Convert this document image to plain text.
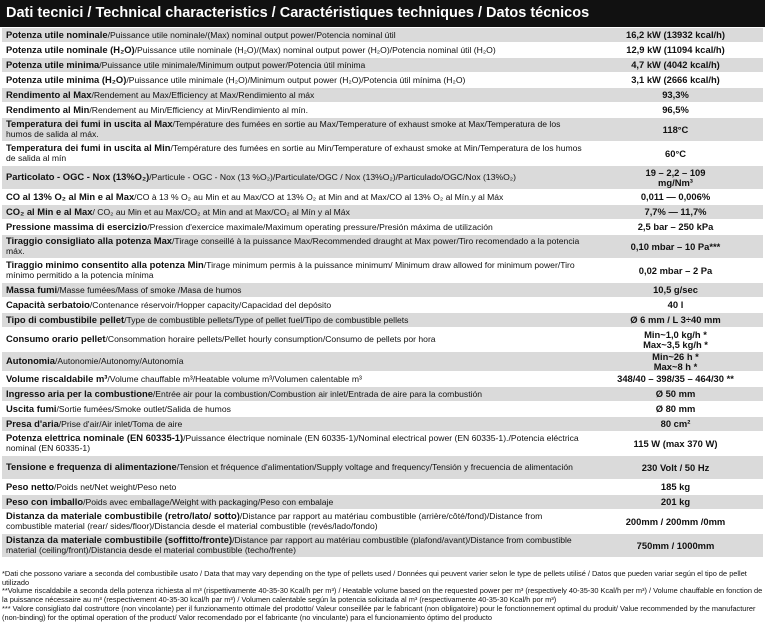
Dati tecnici / Technical characteristics / Caractéristiques techniques / Datos técnicos
Potenza utile nominale/Puissance utile nominale/(Max) nominal output power/Potencia nominal útil	16,2 kW (13932 kcal/h)
Potenza utile nominale (H₂O)/Puissance utile nominale (H₂O)/(Max) nominal output power (H₂O)/Potencia nominal útil (H₂O)	12,9 kW (11094 kcal/h)
Potenza utile minima/Puissance utile minimale/Minimum output power/Potencia útil mínima	4,7 kW (4042 kcal/h)
Potenza utile minima (H₂O)/Puissance utile minimale (H₂O)/Minimum output power (H₂O)/Potencia útil mínima (H₂O)	3,1 kW (2666 kcal/h)
Rendimento al Max/Rendement au Max/Efficiency at Max/Rendimiento al máx	93,3%
Rendimento al Min/Rendement au Min/Efficiency at Min/Rendimiento al mín.	96,5%
Temperatura dei fumi in uscita al Max/Température des fumées en sortie au Max/Temperature of exhaust smoke at Max/Temperatura de los humos de salida al máx.	118°C
Temperatura dei fumi in uscita al Min/Température des fumées en sortie au Min/Temperature of exhaust smoke at Min/Temperatura de los humos de salida al mín	60°C
Particolato - OGC - Nox (13%O₂)/Particule - OGC - Nox (13 %O₂)/Particulate/OGC / Nox (13%O₂)/Particulado/OGC/Nox (13%O₂)	19 – 2,2 – 109
mg/Nm³
CO al 13% O₂ al Min e al Max/CO à 13 % O₂ au Min et au Max/CO at 13% O₂ at Min and at Max/CO al 13% O₂ al Mín.y al Máx	0,011 — 0,006%
CO₂ al Min e al Max/ CO₂ au Min et au Max/CO₂ at Min and at Max/CO₂ al Mín y al Máx	7,7% — 11,7%
Pressione massima di esercizio/Pression d'exercice maximale/Maximum operating pressure/Presión máxima de utilización	2,5 bar – 250 kPa
Tiraggio consigliato alla potenza Max/Tirage conseillé à la puissance Max/Recommended draught at Max power/Tiro recomendado a la potencia máx.	0,10 mbar – 10 Pa***
Tiraggio minimo consentito alla potenza Min/Tirage minimum permis à la puissance minimum/ Minimum draw allowed for minimum power/Tiro mínimo permitido a la potencia mínima	0,02 mbar – 2 Pa
Massa fumi/Masse fumées/Mass of smoke /Masa de humos	10,5 g/sec
Capacità serbatoio/Contenance réservoir/Hopper capacity/Capacidad del depósito	40 l
Tipo di combustibile pellet/Type de combustible pellets/Type of pellet fuel/Tipo de combustible pellets	Ø 6 mm / L 3÷40 mm
Consumo orario pellet/Consommation horaire pellets/Pellet hourly consumption/Consumo de pellets por hora	Min~1,0 kg/h *
Max~3,5 kg/h *
Autonomia/Autonomie/Autonomy/Autonomía	Min~26 h *
Max~8 h *
Volume riscaldabile m³/Volume chauffable m³/Heatable volume m³/Volumen calentable m³	348/40 – 398/35 – 464/30 **
Ingresso aria per la combustione/Entrée air pour la combustion/Combustion air inlet/Entrada de aire para la combustión	Ø 50 mm
Uscita fumi/Sortie fumées/Smoke outlet/Salida de humos	Ø 80 mm
Presa d'aria/Prise d'air/Air inlet/Toma de aire	80 cm²
Potenza elettrica nominale (EN 60335-1)/Puissance électrique nominale (EN 60335-1)/Nominal electrical power (EN 60335-1)./Potencia eléctrica nominal (EN 60335-1)	115 W (max 370 W)
Tensione e frequenza di alimentazione/Tension et fréquence d'alimentation/Supply voltage and frequency/Tensión y frecuencia de alimentación	230 Volt / 50 Hz
Peso netto/Poids net/Net weight/Peso neto	185 kg
Peso con imballo/Poids avec emballage/Weight with packaging/Peso con embalaje	201 kg
Distanza da materiale combustibile (retro/lato/ sotto)/Distance par rapport au matériau combustible (arrière/côté/fond)/Distance from combustible material (rear/ sides/floor)/Distancia desde el material combustible (revés/lado/fondo)	200mm / 200mm /0mm
Distanza da materiale combustibile (soffitto/fronte)/Distance par rapport au matériau combustible (plafond/avant)/Distance from combustible material (ceiling/front)/Distancia desde el material combustible (techo/frente)	750mm / 1000mm

*Dati che possono variare a seconda del combustibile usato / Data that may vary depending on the type of pellets used / Données qui peuvent varier selon le type de pellets utilisé / Datos que pueden variar según el tipo de pellet utilizado

**Volume riscaldabile a seconda della potenza richiesta al m³ (rispettivamente 40-35-30 Kcal/h per m³) / Heatable volume based on the requested power per m³ (respectively 40-35-30 Kcal/h per m³) / Volume chauffable en fonction de la puissance nécessaire au m³ (respectivement 40-35-30 kcal/h par m³) / Volumen calentable según la potencia solicitada al m³ (respectivamente 40-35-30 Kcal/h por m³)

*** Valore consigliato dal costruttore (non vincolante) per il funzionamento ottimale del prodotto/ Valeur conseillée par le fabricant (non obligatoire) pour le fonctionnement optimal du produit/ Value recommended by the manufacturer (non-binding) for the optimal operation of the product/ Valor recomendado por el fabricante (no vinculante) para el funcionamiento óptimo del producto
